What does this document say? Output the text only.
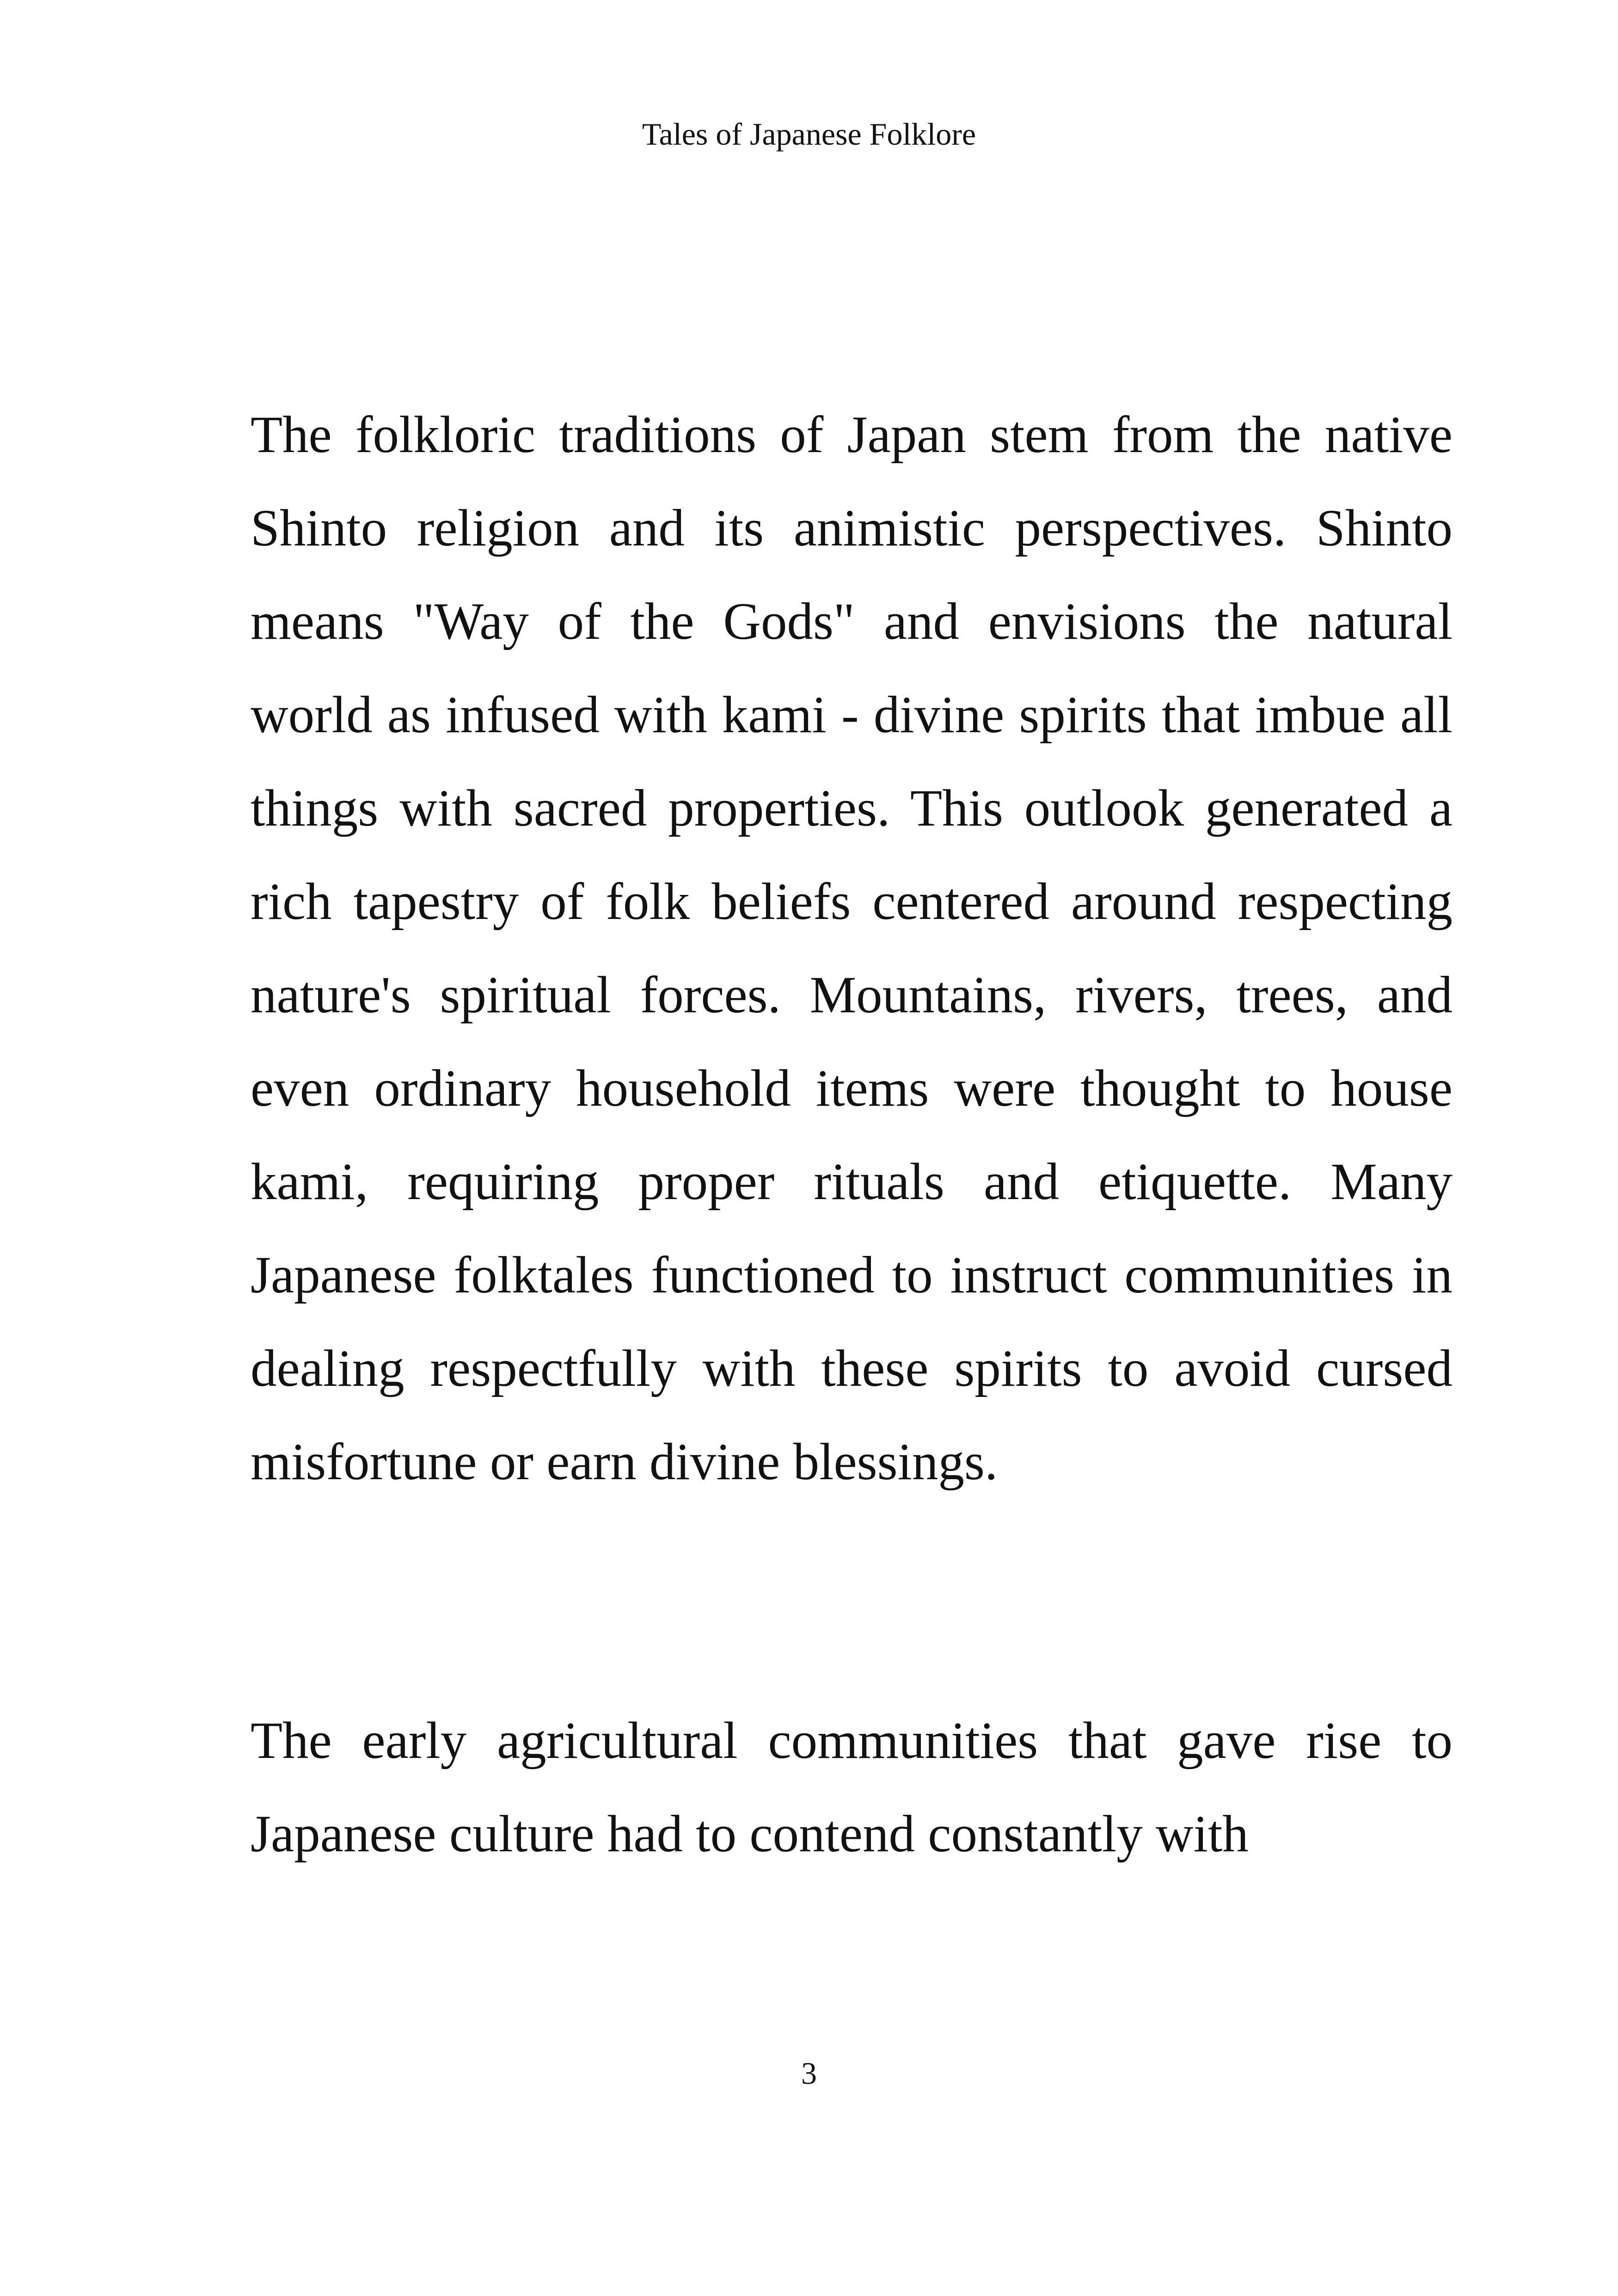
Tales of Japanese Folklore

The folkloric traditions of Japan stem from the native Shinto religion and its animistic perspectives. Shinto means "Way of the Gods" and envisions the natural world as infused with kami - divine spirits that imbue all things with sacred properties. This outlook generated a rich tapestry of folk beliefs centered around respecting nature's spiritual forces. Mountains, rivers, trees, and even ordinary household items were thought to house kami, requiring proper rituals and etiquette. Many Japanese folktales functioned to instruct communities in dealing respectfully with these spirits to avoid cursed misfortune or earn divine blessings.

The early agricultural communities that gave rise to Japanese culture had to contend constantly with

3
